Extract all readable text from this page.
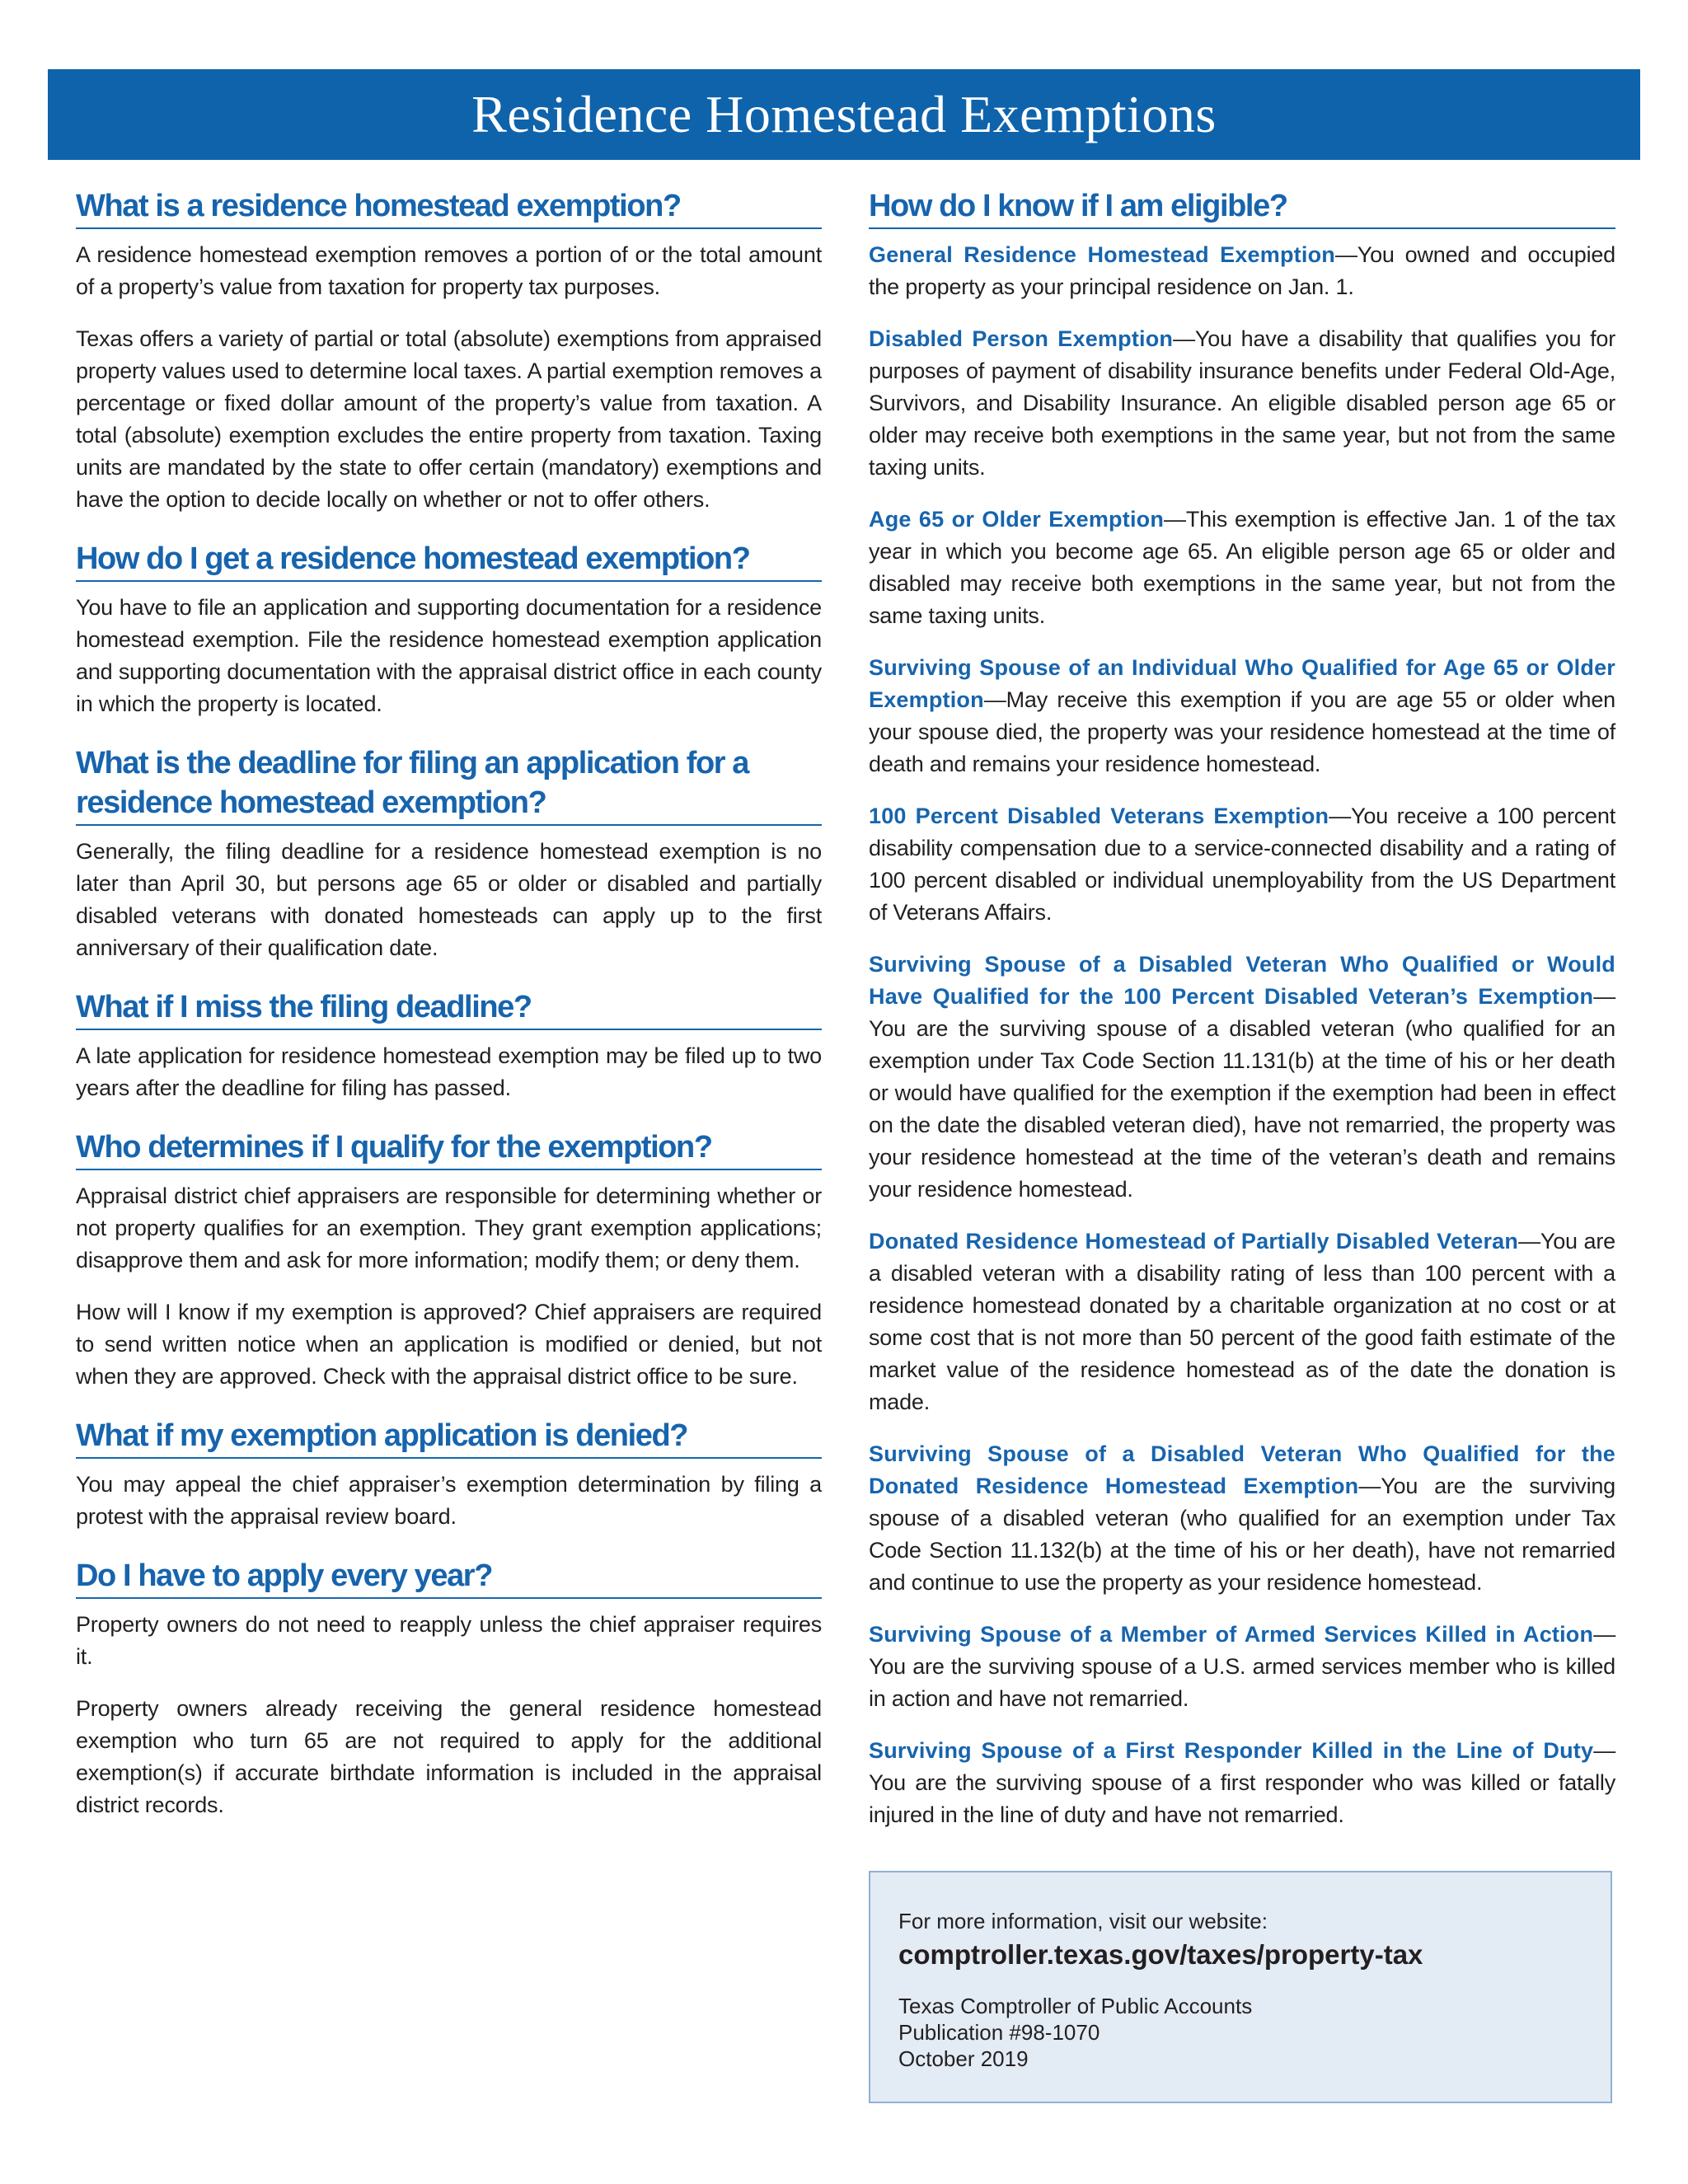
Residence Homestead Exemptions
What is a residence homestead exemption?

A residence homestead exemption removes a portion of or the total amount of a property’s value from taxation for property tax purposes.

Texas offers a variety of partial or total (absolute) exemptions from appraised property values used to determine local taxes. A partial exemption removes a percentage or fixed dollar amount of the property’s value from taxation. A total (absolute) exemption excludes the entire property from taxation. Taxing units are mandated by the state to offer certain (mandatory) exemptions and have the option to decide locally on whether or not to offer others.

How do I get a residence homestead exemption?

You have to file an application and supporting documentation for a residence homestead exemption. File the residence homestead exemption application and supporting documentation with the appraisal district office in each county in which the property is located.

What is the deadline for filing an application for a residence homestead exemption?

Generally, the filing deadline for a residence homestead exemption is no later than April 30, but persons age 65 or older or disabled and partially disabled veterans with donated homesteads can apply up to the first anniversary of their qualification date.

What if I miss the filing deadline?

A late application for residence homestead exemption may be filed up to two years after the deadline for filing has passed.

Who determines if I qualify for the exemption?

Appraisal district chief appraisers are responsible for determining whether or not property qualifies for an exemption. They grant exemption applications; disapprove them and ask for more information; modify them; or deny them.

How will I know if my exemption is approved? Chief appraisers are required to send written notice when an application is modified or denied, but not when they are approved. Check with the appraisal district office to be sure.

What if my exemption application is denied?

You may appeal the chief appraiser’s exemption determination by filing a protest with the appraisal review board.

Do I have to apply every year?

Property owners do not need to reapply unless the chief appraiser requires it.

Property owners already receiving the general residence homestead exemption who turn 65 are not required to apply for the additional exemption(s) if accurate birthdate information is included in the appraisal district records.

How do I know if I am eligible?

General Residence Homestead Exemption—You owned and occupied the property as your principal residence on Jan. 1.

Disabled Person Exemption—You have a disability that qualifies you for purposes of payment of disability insurance benefits under Federal Old-Age, Survivors, and Disability Insurance. An eligible disabled person age 65 or older may receive both exemptions in the same year, but not from the same taxing units.

Age 65 or Older Exemption—This exemption is effective Jan. 1 of the tax year in which you become age 65. An eligible person age 65 or older and disabled may receive both exemptions in the same year, but not from the same taxing units.

Surviving Spouse of an Individual Who Qualified for Age 65 or Older Exemption—May receive this exemption if you are age 55 or older when your spouse died, the property was your residence homestead at the time of death and remains your residence homestead.

100 Percent Disabled Veterans Exemption—You receive a 100 percent disability compensation due to a service-connected disability and a rating of 100 percent disabled or individual unemployability from the US Department of Veterans Affairs.

Surviving Spouse of a Disabled Veteran Who Qualified or Would Have Qualified for the 100 Percent Disabled Veteran’s Exemption—You are the surviving spouse of a disabled veteran (who qualified for an exemption under Tax Code Section 11.131(b) at the time of his or her death or would have qualified for the exemption if the exemption had been in effect on the date the disabled veteran died), have not remarried, the property was your residence homestead at the time of the veteran’s death and remains your residence homestead.

Donated Residence Homestead of Partially Disabled Veteran—You are a disabled veteran with a disability rating of less than 100 percent with a residence homestead donated by a charitable organization at no cost or at some cost that is not more than 50 percent of the good faith estimate of the market value of the residence homestead as of the date the donation is made.

Surviving Spouse of a Disabled Veteran Who Qualified for the Donated Residence Homestead Exemption—You are the surviving spouse of a disabled veteran (who qualified for an exemption under Tax Code Section 11.132(b) at the time of his or her death), have not remarried and continue to use the property as your residence homestead.

Surviving Spouse of a Member of Armed Services Killed in Action—You are the surviving spouse of a U.S. armed services member who is killed in action and have not remarried.

Surviving Spouse of a First Responder Killed in the Line of Duty—You are the surviving spouse of a first responder who was killed or fatally injured in the line of duty and have not remarried.

For more information, visit our website:

comptroller.texas.gov/taxes/property-tax

Texas Comptroller of Public Accounts

Publication #98-1070

October 2019
